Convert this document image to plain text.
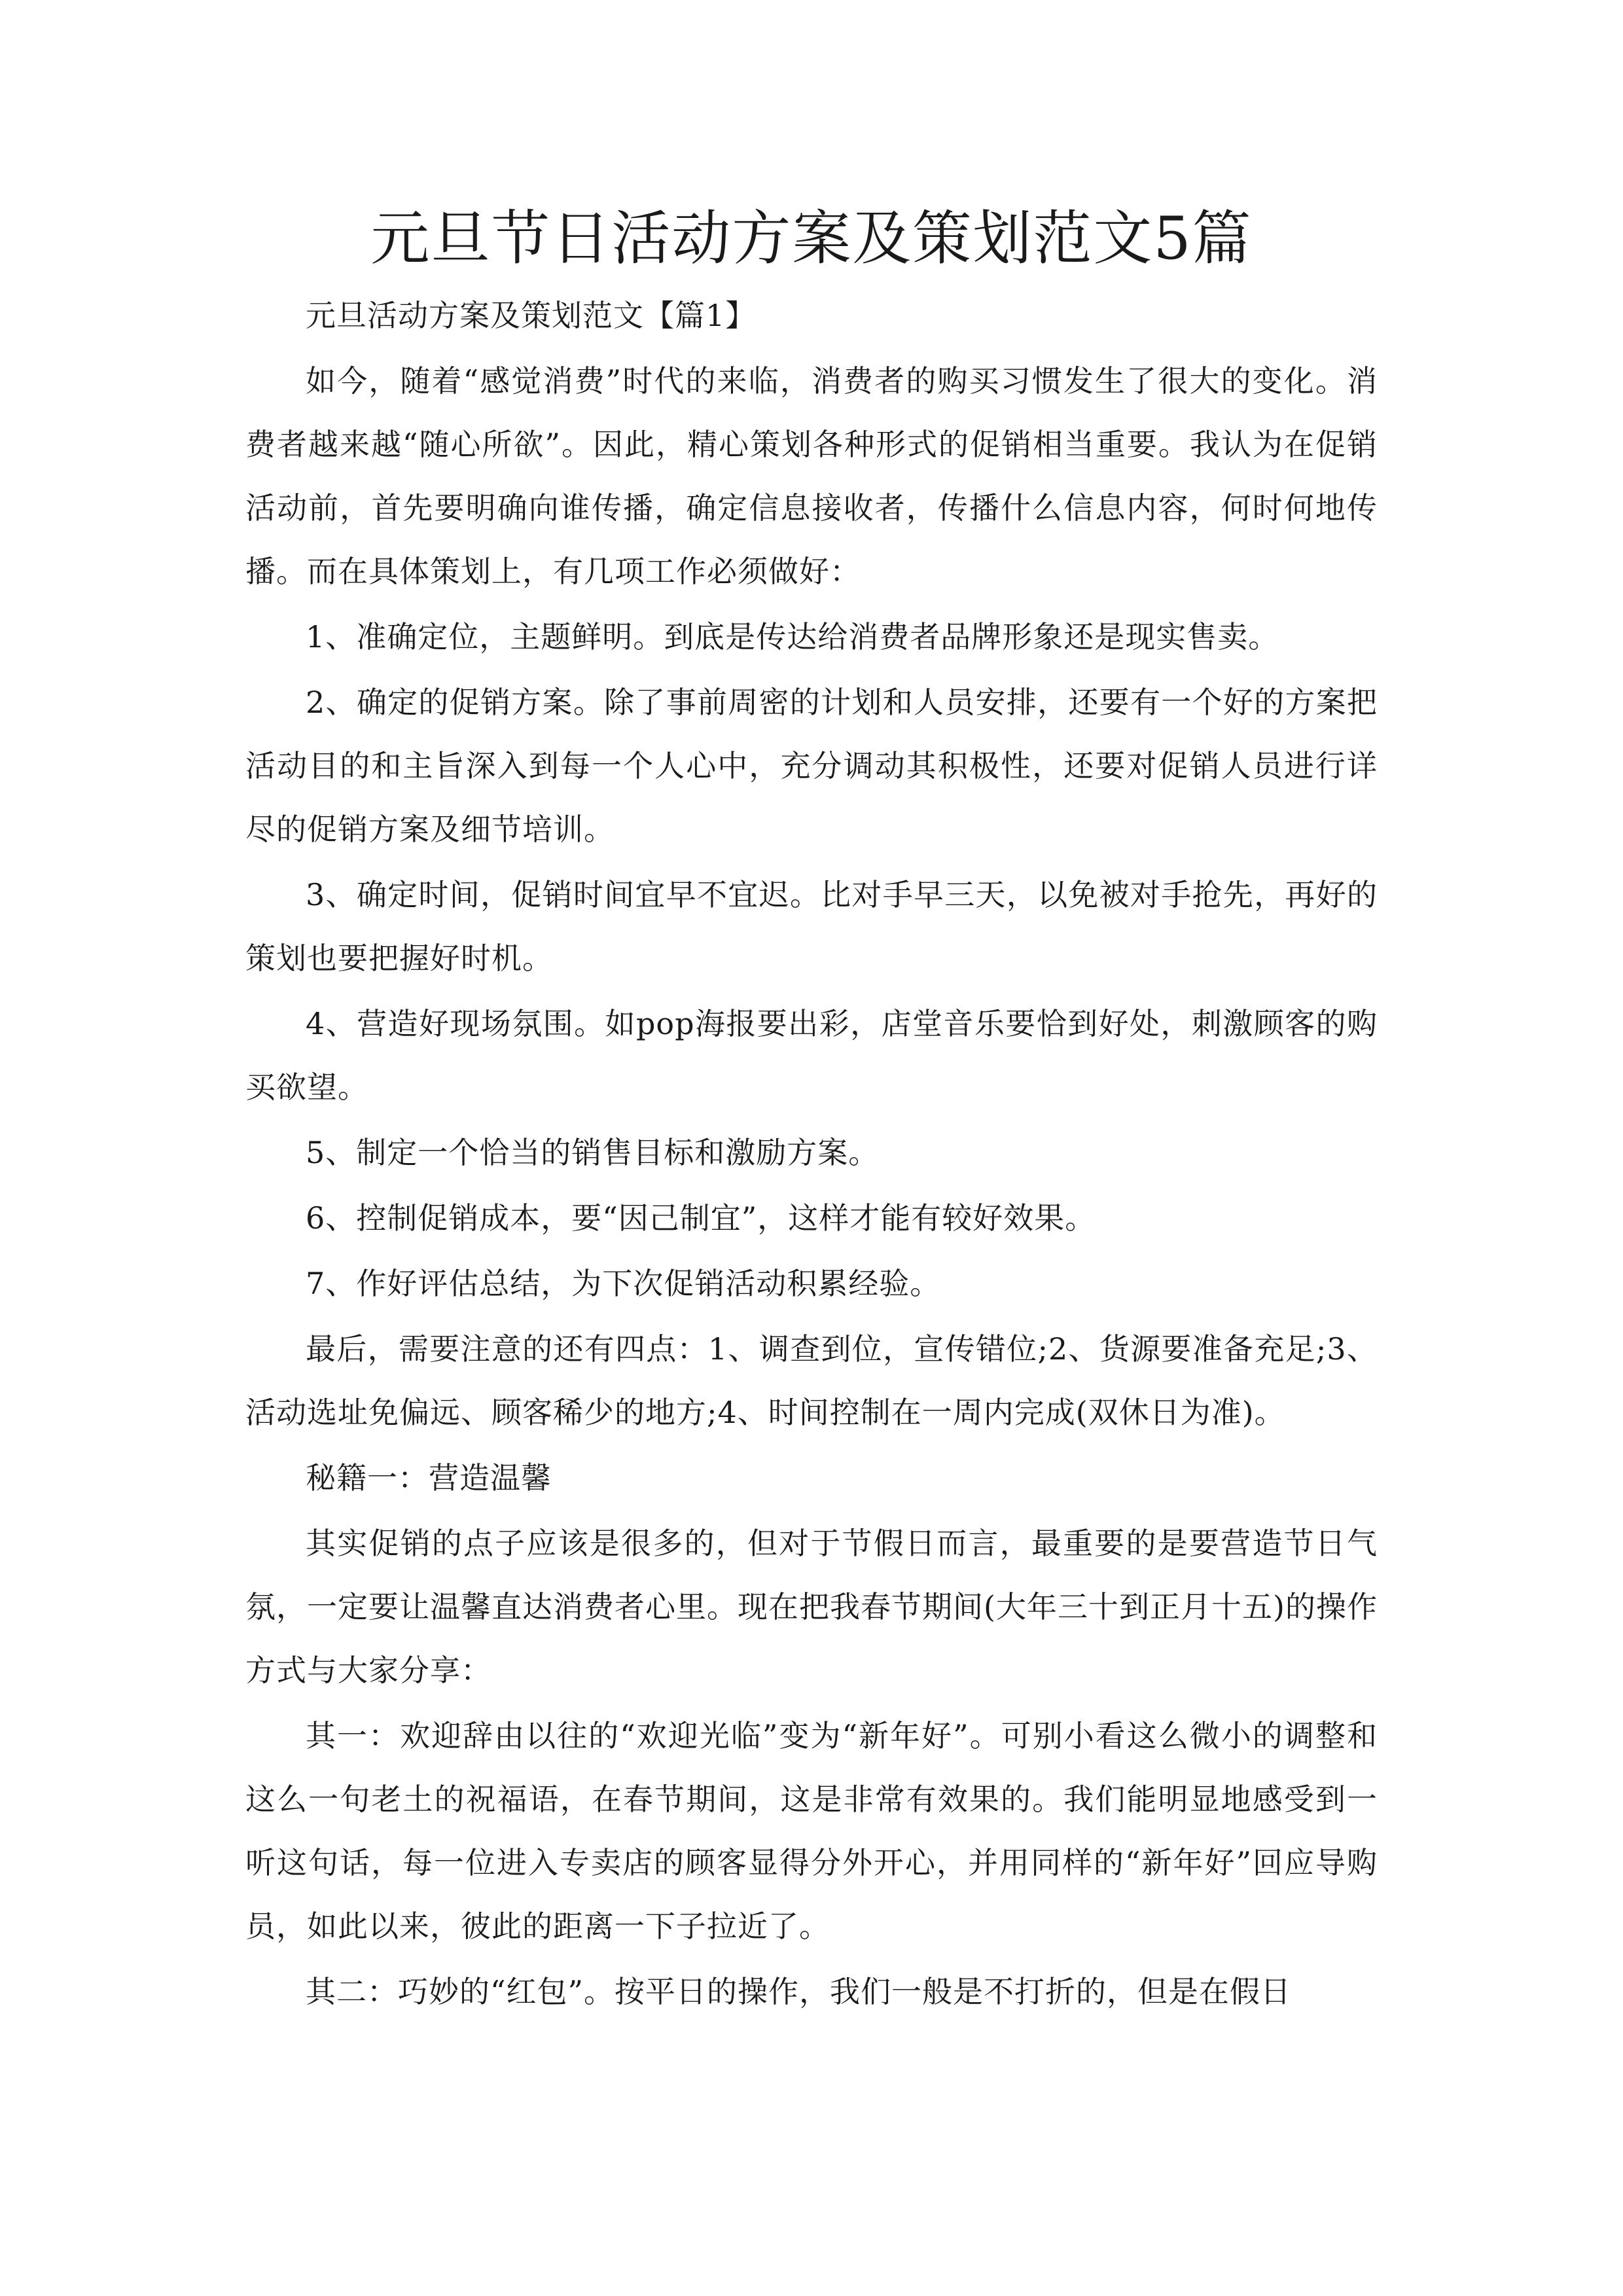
元旦节日活动方案及策划范文5篇

元旦活动方案及策划范文【篇1】

如今，随着“感觉消费”时代的来临，消费者的购买习惯发生了很大的变化。消费者越来越“随心所欲”。因此，精心策划各种形式的促销相当重要。我认为在促销活动前，首先要明确向谁传播，确定信息接收者，传播什么信息内容，何时何地传播。而在具体策划上，有几项工作必须做好：

1、准确定位，主题鲜明。到底是传达给消费者品牌形象还是现实售卖。

2、确定的促销方案。除了事前周密的计划和人员安排，还要有一个好的方案把活动目的和主旨深入到每一个人心中，充分调动其积极性，还要对促销人员进行详尽的促销方案及细节培训。

3、确定时间，促销时间宜早不宜迟。比对手早三天，以免被对手抢先，再好的策划也要把握好时机。

4、营造好现场氛围。如pop海报要出彩，店堂音乐要恰到好处，刺激顾客的购买欲望。

5、制定一个恰当的销售目标和激励方案。

6、控制促销成本，要“因己制宜”，这样才能有较好效果。

7、作好评估总结，为下次促销活动积累经验。

最后，需要注意的还有四点：1、调查到位，宣传错位;2、货源要准备充足;3、活动选址免偏远、顾客稀少的地方;4、时间控制在一周内完成(双休日为准)。

秘籍一：营造温馨

其实促销的点子应该是很多的，但对于节假日而言，最重要的是要营造节日气氛，一定要让温馨直达消费者心里。现在把我春节期间(大年三十到正月十五)的操作方式与大家分享：

其一：欢迎辞由以往的“欢迎光临”变为“新年好”。可别小看这么微小的调整和这么一句老土的祝福语，在春节期间，这是非常有效果的。我们能明显地感受到一听这句话，每一位进入专卖店的顾客显得分外开心，并用同样的“新年好”回应导购员，如此以来，彼此的距离一下子拉近了。

其二：巧妙的“红包”。按平日的操作，我们一般是不打折的，但是在假日
